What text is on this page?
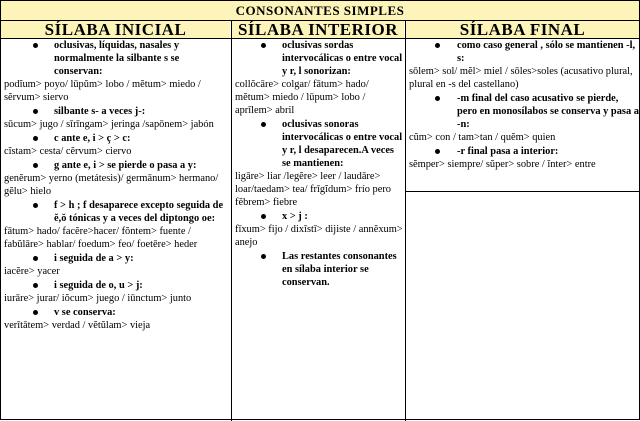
CONSONANTES SIMPLES
SÍLABA INICIAL	SÍLABA INTERIOR	SÍLABA FINAL

oclusivas, líquidas, nasales y normalmente la silbante s se conservan:

podĭum> poyo/ lūpŭm> lobo / mĕtum> miedo / sĕrvum> siervo

silbante s- a veces j-:

sūcum> jugo / sīrīngam> jeringa /sapōnem> jabón

c ante e, i > ç > c:

cĭstam> cesta/ cĕrvum> ciervo

g ante e, i > se pierde o pasa a y:

genĕrum> yerno (metátesis)/ germānum> hermano/ gĕlu> hielo

f > h ; f desaparece excepto seguida de ĕ,ŏ tónicas y a veces del diptongo oe:

fātum> hado/ facĕre>hacer/ fŏntem> fuente / fabŭlāre> hablar/ foedum> feo/ foetēre> heder

i seguida de a > y:

iacĕre> yacer

i seguida de o, u > j:

iurāre> jurar/ iŏcum> juego / iūnctum> junto

v se conserva:

verītātem> verdad / vĕtŭlam> vieja

oclusivas sordas intervocálicas o entre vocal y r, l sonorizan:

collŏcāre> colgar/ fātum> hado/ mĕtum> miedo / lūpum> lobo / aprīlem> abril

oclusivas sonoras intervocálicas o entre vocal y r, l desaparecen.A veces se mantienen:

ligāre> liar /legĕre> leer / laudāre> loar/taedam> tea/ frīgĭdum> frío pero fĕbrem> fiebre

x > j :

fīxum> fijo / dixīstī> dijiste / annĕxum> anejo

Las restantes consonantes en sílaba interior se conservan.

como caso general , sólo se mantienen -l, s:

sōlem> sol/ mĕl> miel / sōles>soles (acusativo plural, plural en -s del castellano)

-m final del caso acusativo se pierde, pero en monosílabos se conserva y pasa a -n:

cŭm> con / tam>tan / quĕm> quien

-r final pasa a interior:

sĕmper> siempre/ sŭper> sobre / ĭnter> entre
